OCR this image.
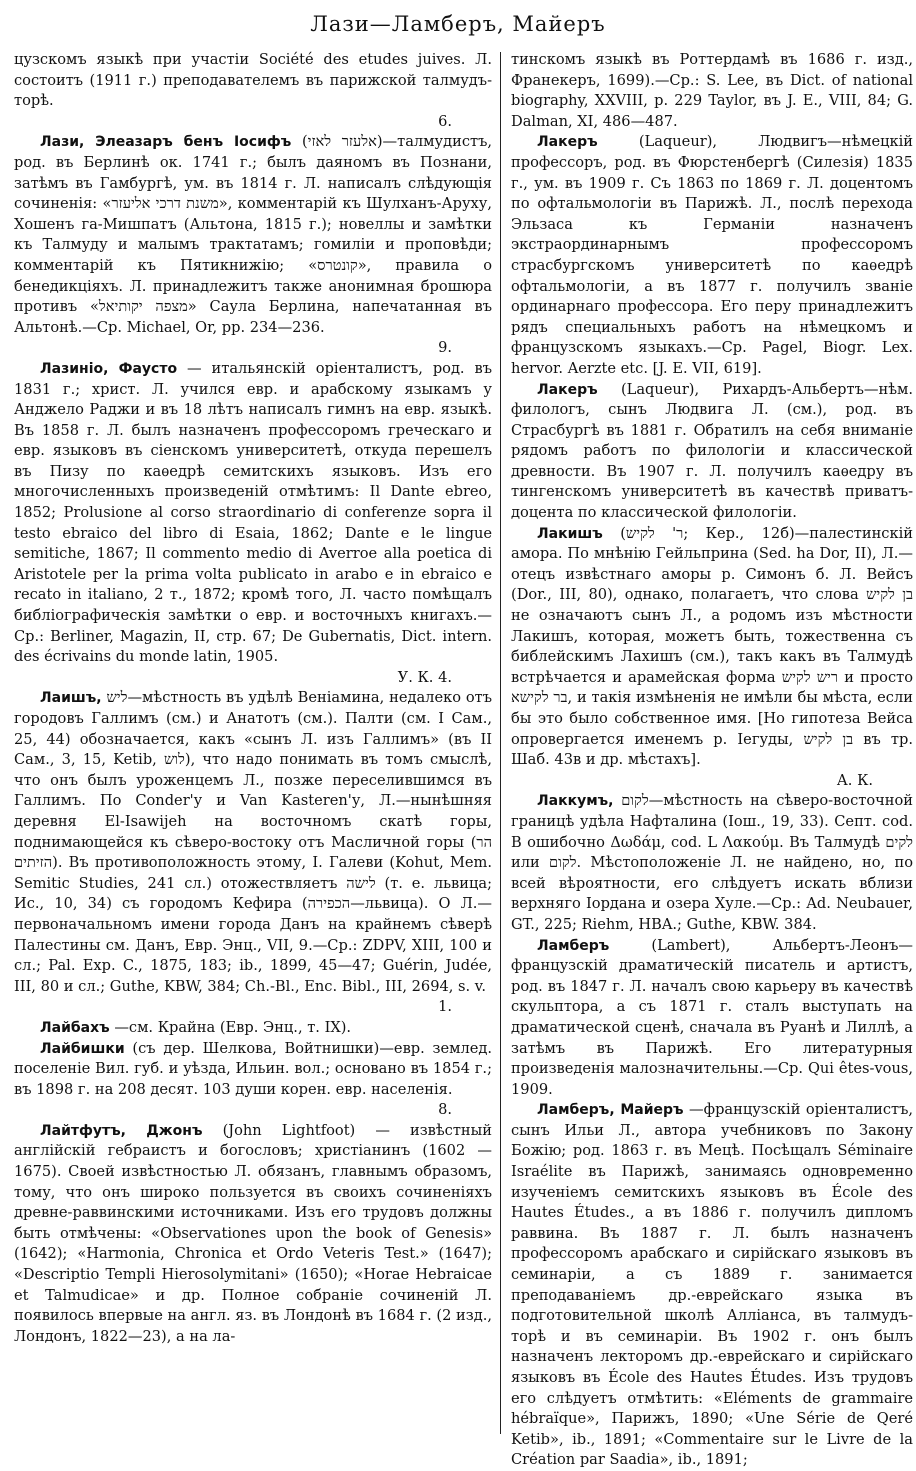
Лази—Ламберъ, Майеръ

цузскомъ языкѣ при участіи Société des etudes juives. Л. состоитъ (1911 г.) преподавателемъ въ парижской талмудъ-торѣ.
6.

Лази, Элеазаръ бенъ Іосифъ (אלעזר לאזי)—талмудистъ, род. въ Берлинѣ ок. 1741 г.; былъ даяномъ въ Познани, затѣмъ въ Гамбургѣ, ум. въ 1814 г. Л. написалъ слѣдующія сочиненія: «משנת דרכי אליעזר», комментарій къ Шулханъ-Аруху, Хошенъ га-Мишпатъ (Альтона, 1815 г.); новеллы и замѣтки къ Талмуду и малымъ трактатамъ; гомиліи и проповѣди; комментарій къ Пятикнижію; «קונטרס», правила о бенедикціяхъ. Л. принадлежитъ также анонимная брошюра противъ «מצפה יקותיאל» Саула Берлина, напечатанная въ Альтонѣ.—Ср. Michael, Or, pp. 234—236.
9.

Лазиніо, Фаусто — итальянскій оріенталистъ, род. въ 1831 г.; христ. Л. учился евр. и арабскому языкамъ у Анджело Раджи и въ 18 лѣтъ написалъ гимнъ на евр. языкѣ. Въ 1858 г. Л. былъ назначенъ профессоромъ греческаго и евр. языковъ въ сіенскомъ университетѣ, откуда перешелъ въ Пизу по каѳедрѣ семитскихъ языковъ. Изъ его многочисленныхъ произведеній отмѣтимъ: Il Dante ebreo, 1852; Prolusione al corso straordinario di conferenze sopra il testo ebraico del libro di Esaia, 1862; Dante e le lingue semitiche, 1867; Il commento medio di Averroe alla poetica di Aristotele per la prima volta publicato in arabo e in ebraico e recato in italiano, 2 т., 1872; кромѣ того, Л. часто помѣщалъ библіографическія замѣтки о евр. и восточныхъ книгахъ.—Ср.: Berliner, Magazin, II, стр. 67; De Gubernatis, Dict. intern. des écrivains du monde latin, 1905.
У. К. 4.

Лаишъ, ליש—мѣстность въ удѣлѣ Веніамина, недалеко отъ городовъ Галлимъ (см.) и Анатотъ (см.). Палти (см. I Сам., 25, 44) обозначается, какъ «сынъ Л. изъ Галлимъ» (въ II Сам., 3, 15, Ketib, לוש), что надо понимать въ томъ смыслѣ, что онъ былъ уроженцемъ Л., позже переселившимся въ Галлимъ. По Conder'у и Van Kasteren'у, Л.—нынѣшняя деревня El-Isawijeh на восточномъ скатѣ горы, поднимающейся къ сѣверо-востоку отъ Масличной горы (הר הזיתים). Въ противоположность этому, I. Галеви (Kohut, Mem. Semitic Studies, 241 сл.) отожествляетъ לישה (т. е. львица; Ис., 10, 34) съ городомъ Кефира (הכפירה—львица). О Л.—первоначальномъ имени города Данъ на крайнемъ сѣверѣ Палестины см. Данъ, Евр. Энц., VII, 9.—Ср.: ZDPV, XIII, 100 и сл.; Pal. Exp. C., 1875, 183; ib., 1899, 45—47; Guérin, Judée, III, 80 и сл.; Guthe, KBW, 384; Ch.-Bl., Enc. Bibl., III, 2694, s. v.
1.

Лайбахъ —см. Крайна (Евр. Энц., т. IX).

Лайбишки (съ дер. Шелкова, Войтнишки)—евр. землед. поселеніе Вил. губ. и уѣзда, Ильин. вол.; основано въ 1854 г.; въ 1898 г. на 208 десят. 103 души корен. евр. населенія.
8.

Лайтфутъ, Джонъ (John Lightfoot) — извѣстный англійскій гебраистъ и богословъ; христіанинъ (1602 — 1675). Своей извѣстностью Л. обязанъ, главнымъ образомъ, тому, что онъ широко пользуется въ своихъ сочиненіяхъ древне-раввинскими источниками. Изъ его трудовъ должны быть отмѣчены: «Observationes upon the book of Genesis» (1642); «Harmonia, Chronica et Ordo Veteris Test.» (1647); «Descriptio Templi Hierosolymitani» (1650); «Horae Hebraicae et Talmudicae» и др. Полное собраніе сочиненій Л. появилось впервые на англ. яз. въ Лондонѣ въ 1684 г. (2 изд., Лондонъ, 1822—23), а на ла-

тинскомъ языкѣ въ Роттердамѣ въ 1686 г. изд., Франекеръ, 1699).—Ср.: S. Lee, въ Dict. of national biography, XXVIII, p. 229 Taylor, въ J. E., VIII, 84; G. Dalman, XI, 486—487.

Лакеръ	(Laqueur), Людвигъ—нѣмецкій профессоръ, род. въ Фюрстенбергѣ (Силезія) 1835 г., ум. въ 1909 г. Съ 1863 по 1869 г. Л. доцентомъ по офтальмологіи въ Парижѣ. Л., послѣ перехода Эльзаса къ Германіи назначенъ экстраординарнымъ профессоромъ страсбургскомъ университетѣ по каѳедрѣ офтальмологіи, а въ 1877 г. получилъ званіе ординарнаго профессора. Его перу принадлежитъ рядъ специальныхъ работъ на нѣмецкомъ и французскомъ языкахъ.—Ср. Pagel, Biogr. Lex. hervor. Aerzte etc. [J. E. VII, 619].

Лакеръ (Laqueur), Рихардъ-Альбертъ—нѣм. филологъ, сынъ Людвига Л. (см.), род. въ Страсбургѣ въ 1881 г. Обратилъ на себя вниманіе рядомъ работъ по филологіи и классической древности. Въ 1907 г. Л. получилъ каѳедру въ тингенскомъ университетѣ въ качествѣ приватъ-доцента по классической филологіи.

Лакишъ (ר' לקיש; Кер., 12б)—палестинскій амора. По мнѣнію Гейльприна (Sed. ha Dor, II), Л.—отецъ извѣстнаго аморы р. Симонъ б. Л. Вейсъ (Dor., III, 80), однако, полагаетъ, что слова בן לקיש не означаютъ сынъ Л., а родомъ изъ мѣстности Лакишъ, которая, можетъ быть, тожественна съ библейскимъ Лахишъ (см.), такъ какъ въ Талмудѣ встрѣчается и арамейская форма ריש לקיש и просто בר לקישא, и такія измѣненія не имѣли бы мѣста, если бы это было собственное имя. [Но гипотеза Вейса опровергается именемъ р. Іегуды, בן לקיש въ тр. Шаб. 43в и др. мѣстахъ].
А. К.

Лаккумъ, לקום—мѣстность на сѣверо-восточной границѣ удѣла Нафталина (Іош., 19, 33). Септ. cod. В ошибочно Δωδάμ, cod. L Λακούμ. Въ Талмудѣ לקים или לקום. Мѣстоположеніе Л. не найдено, но, по всей вѣроятности, его слѣдуетъ искать вблизи верхняго Іордана и озера Хуле.—Ср.: Ad. Neubauer, GT., 225; Riehm, HBA.; Guthe, KBW. 384.

Ламберъ	(Lambert), Альбертъ-Леонъ—французскій драматическій писатель и артистъ, род. въ 1847 г. Л. началъ свою карьеру въ качествѣ скульптора, а съ 1871 г. сталъ выступать на драматической сценѣ, сначала въ Руанѣ и Лиллѣ, а затѣмъ въ Парижѣ. Его литературныя произведенія малозначительны.—Ср. Qui êtes-vous, 1909.

Ламберъ, Майеръ —французскій оріенталистъ, сынъ Ильи Л., автора учебниковъ по Закону Божію; род. 1863 г. въ Мецѣ. Посѣщалъ Séminaire Israélite въ Парижѣ, занимаясь одновременно изученіемъ семитскихъ языковъ въ École des Hautes Études., а въ 1886 г. получилъ дипломъ раввина. Въ 1887 г. Л. былъ назначенъ профессоромъ арабскаго и сирійскаго языковъ въ семинаріи, а съ 1889 г. занимается преподаваніемъ др.-еврейскаго языка въ подготовительной школѣ Алліанса, въ талмудъ-торѣ и въ семинаріи. Въ 1902 г. онъ былъ назначенъ лекторомъ др.-еврейскаго и сирійскаго языковъ въ École des Hautes Études. Изъ трудовъ его слѣдуетъ отмѣтить: «Eléments de grammaire hébraïque», Парижъ, 1890; «Une Série de Qeré Ketib», ib., 1891; «Commentaire sur le Livre de la Création par Saadia», ib., 1891;
